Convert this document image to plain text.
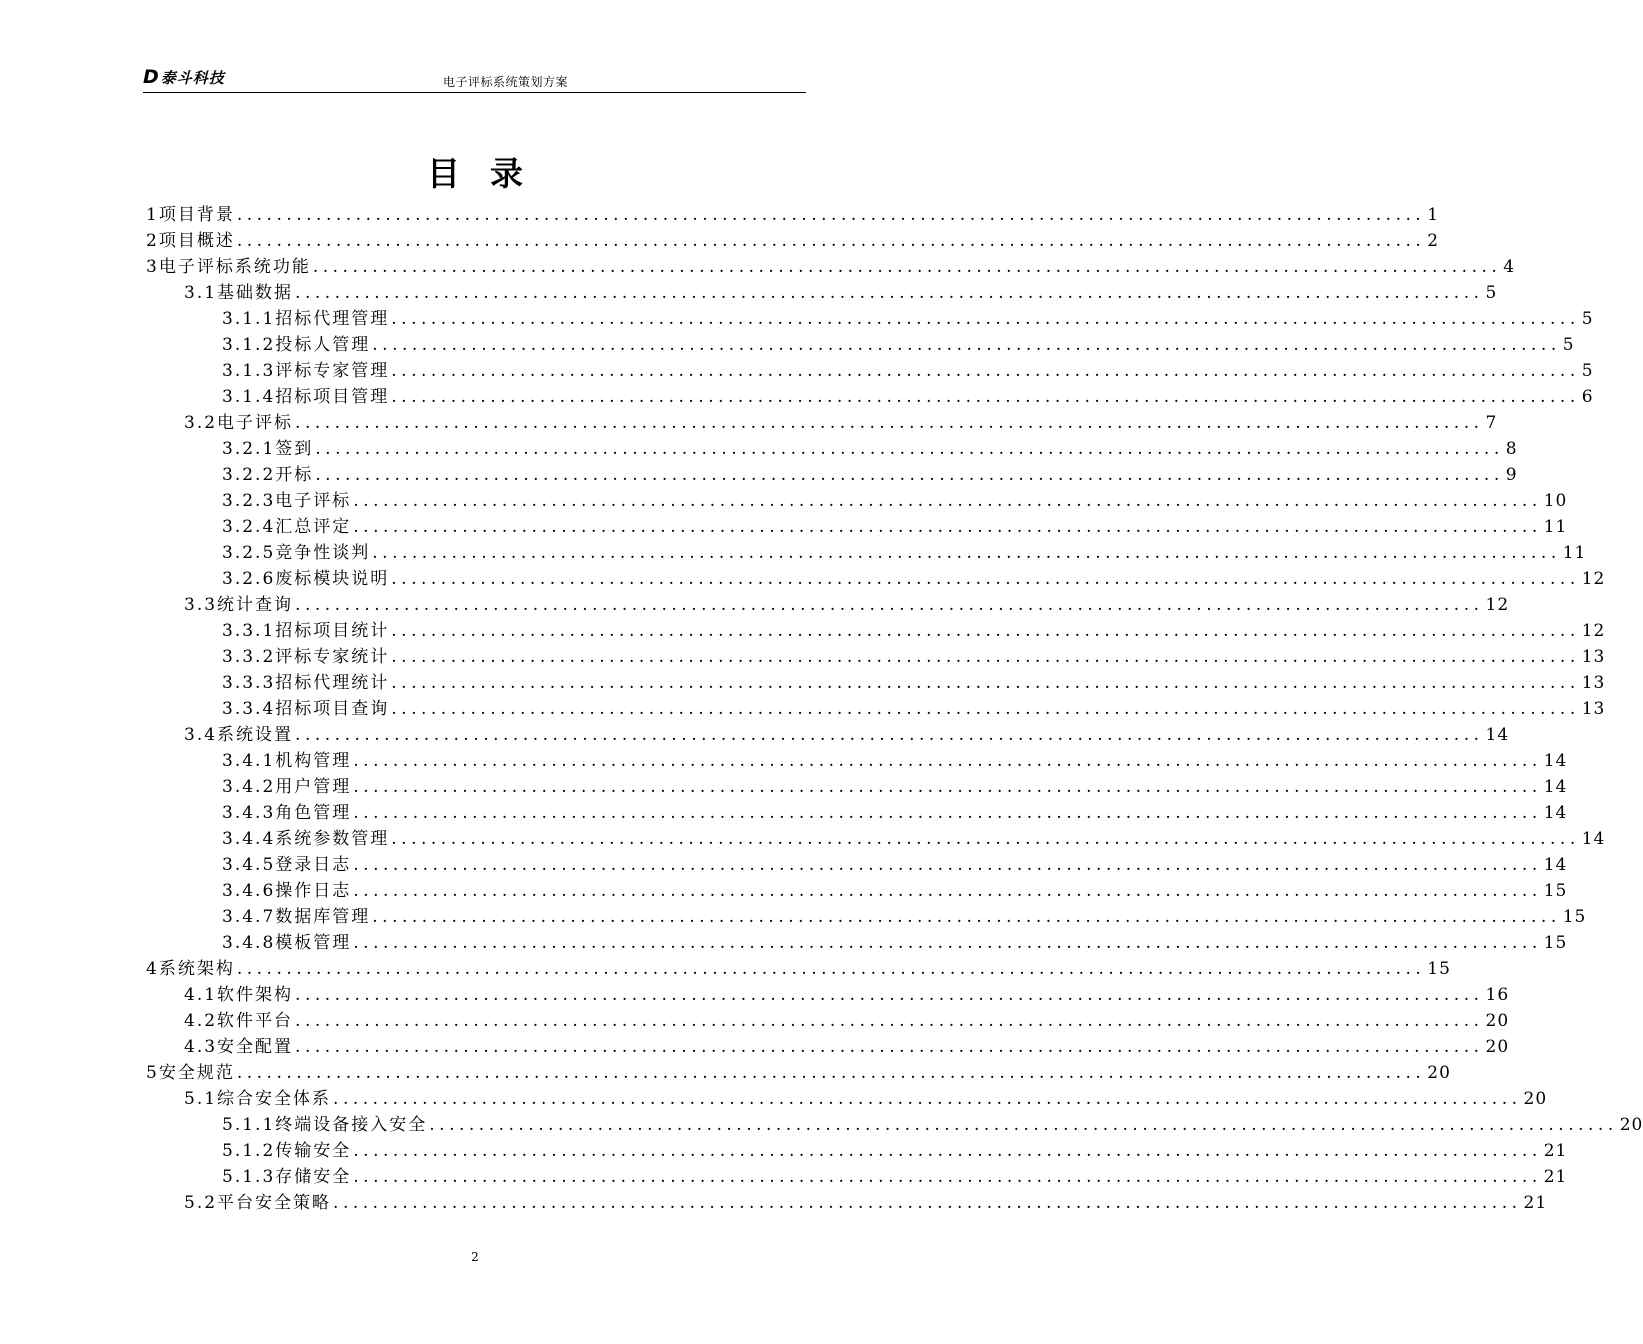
D泰斗科技	电子评标系统策划方案
目录
1 项目背景 ........................................................................................................................ 1
2 项目概述 ........................................................................................................................ 2
3 电子评标系统功能 ........................................................................................................................ 4
3.1 基础数据 ........................................................................................................................ 5
3.1.1 招标代理管理 ........................................................................................................................ 5
3.1.2 投标人管理 ........................................................................................................................ 5
3.1.3 评标专家管理 ........................................................................................................................ 5
3.1.4 招标项目管理 ........................................................................................................................ 6
3.2 电子评标 ........................................................................................................................ 7
3.2.1 签到 ........................................................................................................................ 8
3.2.2 开标 ........................................................................................................................ 9
3.2.3 电子评标 ........................................................................................................................ 10
3.2.4 汇总评定 ........................................................................................................................ 11
3.2.5 竞争性谈判 ........................................................................................................................ 11
3.2.6 废标模块说明 ........................................................................................................................ 12
3.3 统计查询 ........................................................................................................................ 12
3.3.1 招标项目统计 ........................................................................................................................ 12
3.3.2 评标专家统计 ........................................................................................................................ 13
3.3.3 招标代理统计 ........................................................................................................................ 13
3.3.4 招标项目查询 ........................................................................................................................ 13
3.4 系统设置 ........................................................................................................................ 14
3.4.1 机构管理 ........................................................................................................................ 14
3.4.2 用户管理 ........................................................................................................................ 14
3.4.3 角色管理 ........................................................................................................................ 14
3.4.4 系统参数管理 ........................................................................................................................ 14
3.4.5 登录日志 ........................................................................................................................ 14
3.4.6 操作日志 ........................................................................................................................ 15
3.4.7 数据库管理 ........................................................................................................................ 15
3.4.8 模板管理 ........................................................................................................................ 15
4 系统架构 ........................................................................................................................ 15
4.1 软件架构 ........................................................................................................................ 16
4.2 软件平台 ........................................................................................................................ 20
4.3 安全配置 ........................................................................................................................ 20
5 安全规范 ........................................................................................................................ 20
5.1 综合安全体系 ........................................................................................................................ 20
5.1.1 终端设备接入安全 ........................................................................................................................ 20
5.1.2 传输安全 ........................................................................................................................ 21
5.1.3 存储安全 ........................................................................................................................ 21
5.2 平台安全策略 ........................................................................................................................ 21
2
